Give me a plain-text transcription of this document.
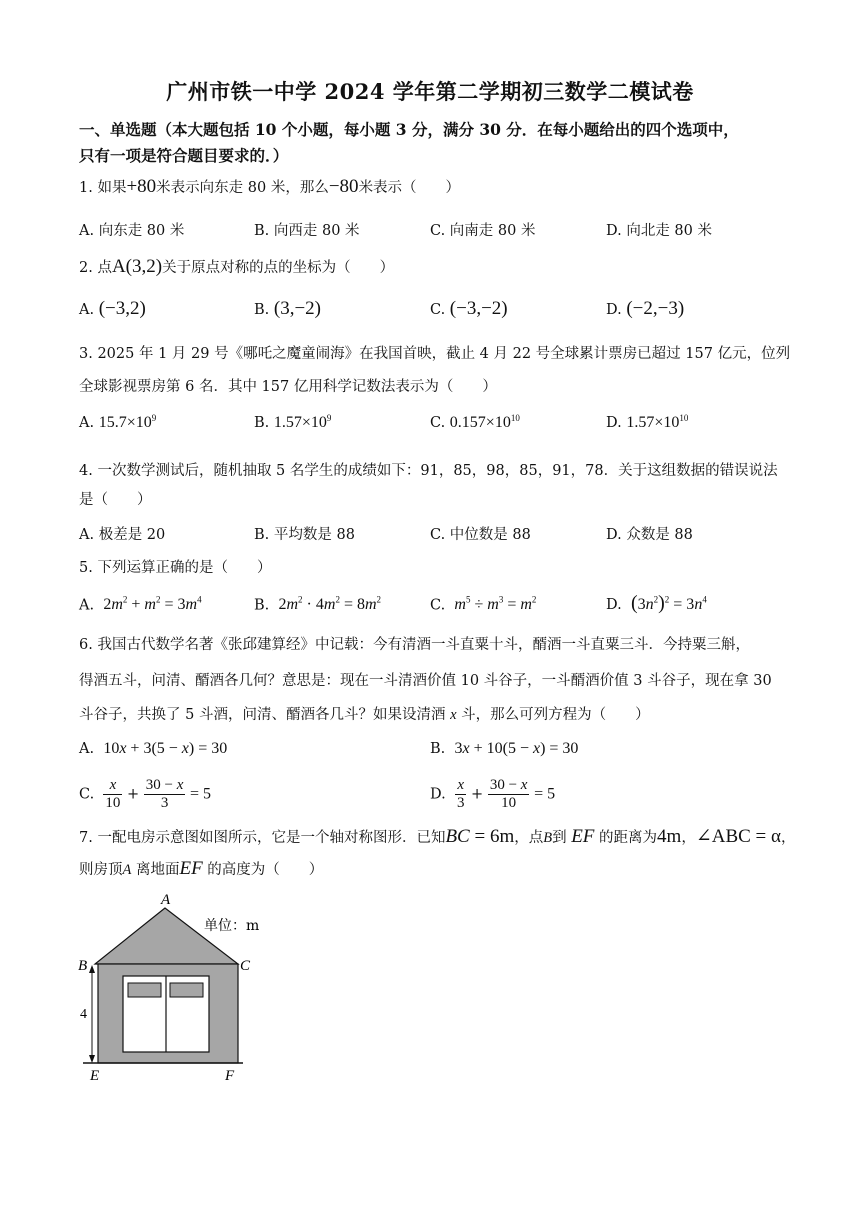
广州市铁一中学 2024 学年第二学期初三数学二模试卷
一、单选题（本大题包括 10 个小题，每小题 3 分，满分 30 分．在每小题给出的四个选项中，
只有一项是符合题目要求的．）
1. 如果+80米表示向东走 80 米，那么−80米表示（　　）
A. 向东走 80 米	B. 向西走 80 米	C. 向南走 80 米	D. 向北走 80 米
2. 点A(3,2)关于原点对称的点的坐标为（　　）
A. (−3,2)	B. (3,−2)	C. (−3,−2)	D. (−2,−3)
3. 2025 年 1 月 29 号《哪吒之魔童闹海》在我国首映，截止 4 月 22 号全球累计票房已超过 157 亿元，位列
全球影视票房第 6 名．其中 157 亿用科学记数法表示为（　　）
A. $15.7\times 10^9$	B. $1.57\times 10^9$	C. $0.157\times 10^{10}$	D. $1.57\times 10^{10}$
4. 一次数学测试后，随机抽取 5 名学生的成绩如下：91，85，98，85，91，78．关于这组数据的错误说法
是（　　）
A. 极差是 20	B. 平均数是 88	C. 中位数是 88	D. 众数是 88
5. 下列运算正确的是（　　）
A. $2m^2 + m^2 = 3m^4$	B. $2m^2 \cdot 4m^2 = 8m^2$	C. $m^5 \div m^3 = m^2$	D. $(3n^2)^2 = 3n^4$
6. 我国古代数学名著《张邱建算经》中记载：今有清酒一斗直粟十斗，醑酒一斗直粟三斗．今持粟三斛，
得酒五斗，问清、醑酒各几何？意思是：现在一斗清酒价值 10 斗谷子，一斗醑酒价值 3 斗谷子，现在拿 30
斗谷子，共换了 5 斗酒，问清、醑酒各几斗？如果设清酒 x 斗，那么可列方程为（　　）
A. 10x + 3(5 − x) = 30	B. 3x + 10(5 − x) = 30
C. $\frac{x}{10} + \frac{30 - x}{3} = 5$	D. $\frac{x}{3} + \frac{30 - x}{10} = 5$
7. 一配电房示意图如图所示，它是一个轴对称图形．已知BC = 6m，点B到 EF 的距离为4m，∠ABC = α，
则房顶A 离地面EF 的高度为（　　）
A
B	C
E	F
4
单位：m
